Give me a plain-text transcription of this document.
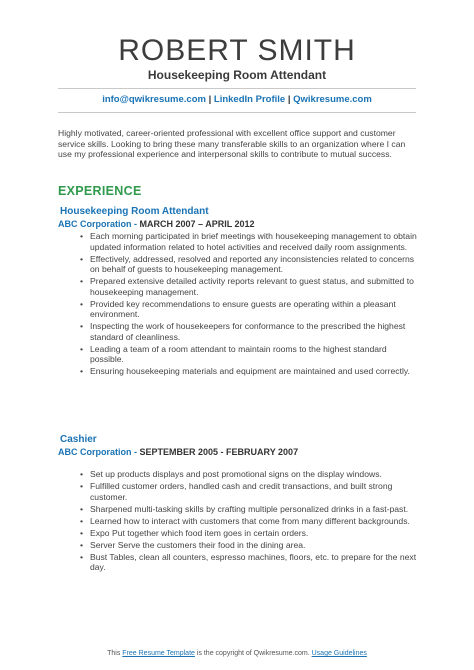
ROBERT SMITH
Housekeeping Room Attendant
info@qwikresume.com | LinkedIn Profile | Qwikresume.com
Highly motivated, career-oriented professional with excellent office support and customer service skills. Looking to bring these many transferable skills to an organization where I can use my professional experience and interpersonal skills to contribute to mutual success.
EXPERIENCE
Housekeeping Room Attendant
ABC Corporation - MARCH 2007 – APRIL 2012
• Each morning participated in brief meetings with housekeeping management to obtain updated information related to hotel activities and received daily room assignments.
• Effectively, addressed, resolved and reported any inconsistencies related to concerns on behalf of guests to housekeeping management.
• Prepared extensive detailed activity reports relevant to guest status, and submitted to housekeeping management.
• Provided key recommendations to ensure guests are operating within a pleasant environment.
• Inspecting the work of housekeepers for conformance to the prescribed the highest standard of cleanliness.
• Leading a team of a room attendant to maintain rooms to the highest standard possible.
• Ensuring housekeeping materials and equipment are maintained and used correctly.
Cashier
ABC Corporation - SEPTEMBER 2005 - FEBRUARY 2007
• Set up products displays and post promotional signs on the display windows.
• Fulfilled customer orders, handled cash and credit transactions, and built strong customer.
• Sharpened multi-tasking skills by crafting multiple personalized drinks in a fast-past.
• Learned how to interact with customers that come from many different backgrounds.
• Expo Put together which food item goes in certain orders.
• Server Serve the customers their food in the dining area.
• Bust Tables, clean all counters, espresso machines, floors, etc. to prepare for the next day.
This Free Resume Template is the copyright of Qwikresume.com. Usage Guidelines
